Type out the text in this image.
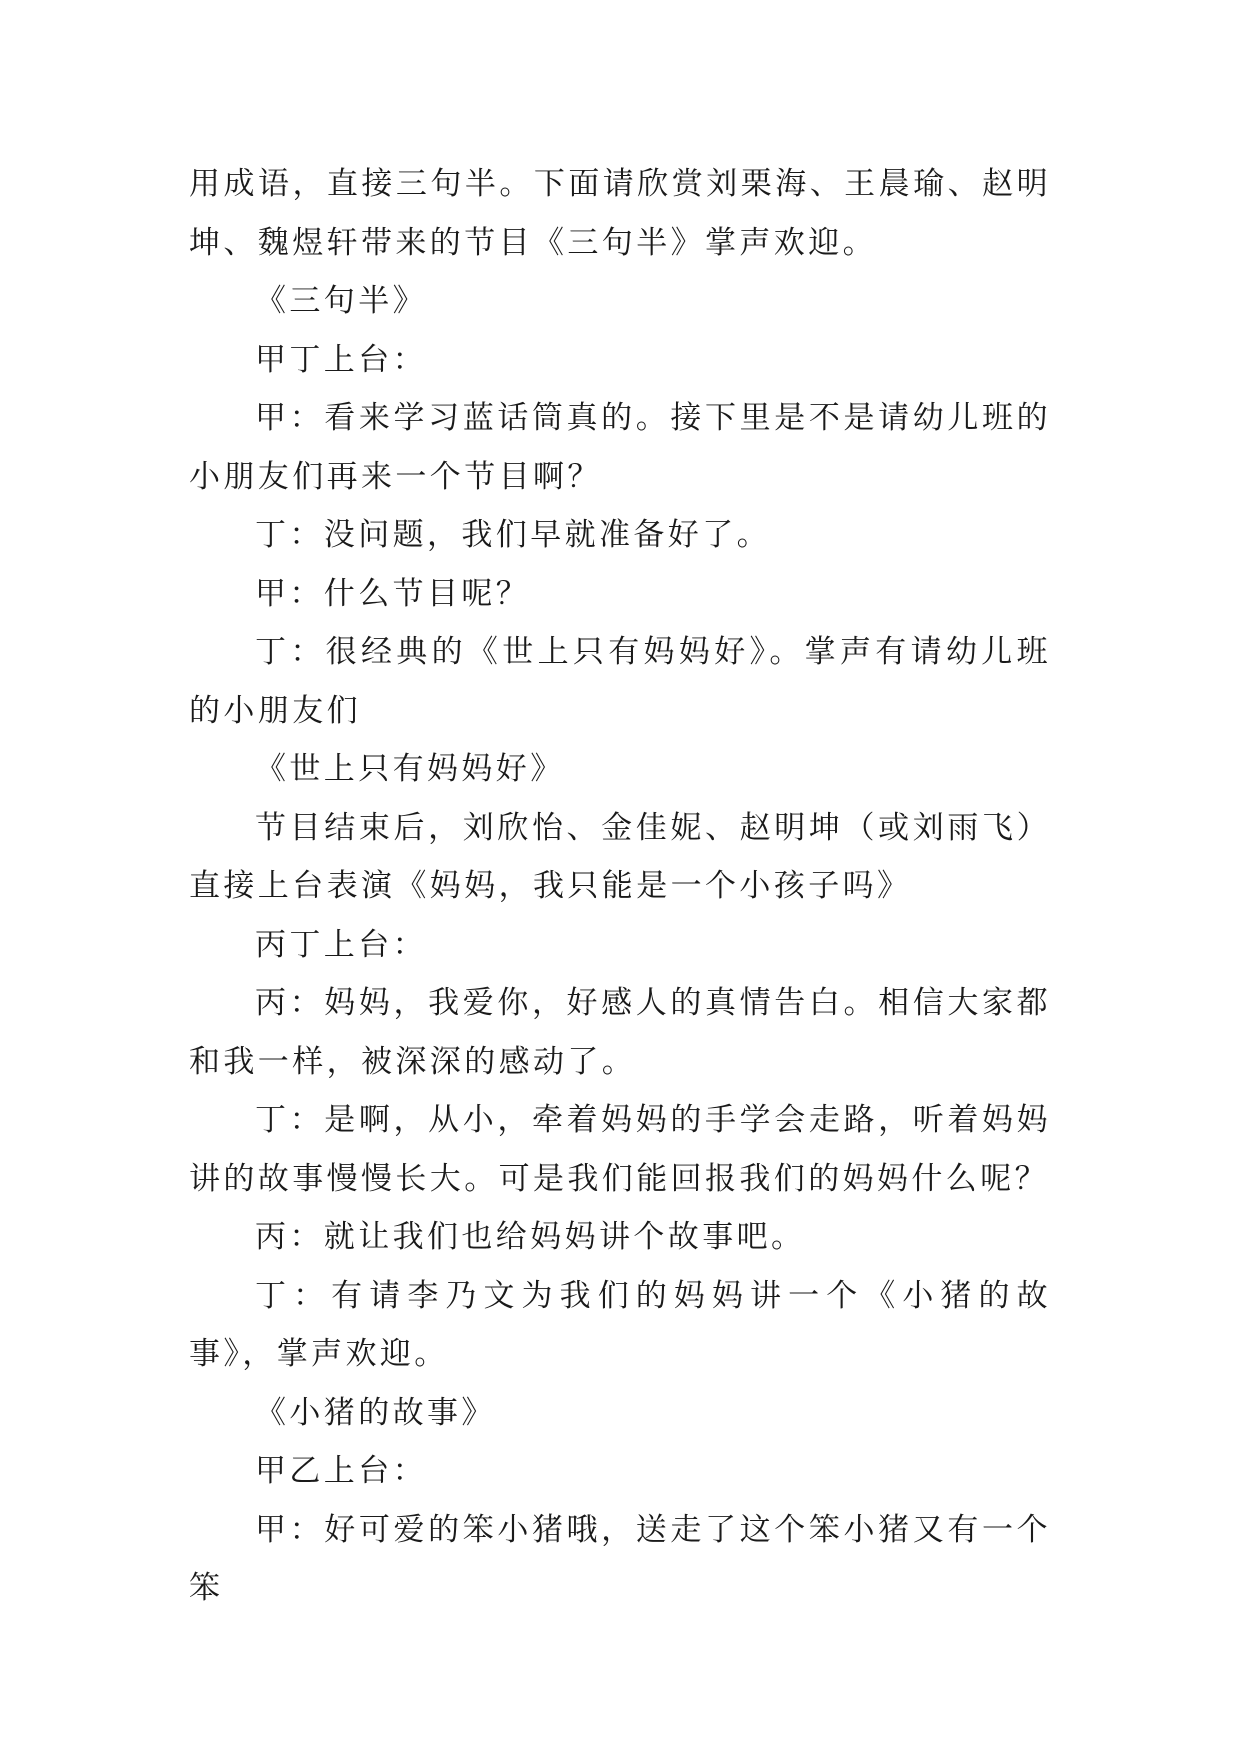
用成语，直接三句半。下面请欣赏刘栗海、王晨瑜、赵明坤、魏煜轩带来的节目《三句半》掌声欢迎。

《三句半》

甲丁上台：

甲：看来学习蓝话筒真的。接下里是不是请幼儿班的小朋友们再来一个节目啊？

丁：没问题，我们早就准备好了。

甲：什么节目呢？

丁：很经典的《世上只有妈妈好》。掌声有请幼儿班的小朋友们

《世上只有妈妈好》

节目结束后，刘欣怡、金佳妮、赵明坤（或刘雨飞）直接上台表演《妈妈，我只能是一个小孩子吗》

丙丁上台：

丙：妈妈，我爱你，好感人的真情告白。相信大家都和我一样，被深深的感动了。

丁：是啊，从小，牵着妈妈的手学会走路，听着妈妈讲的故事慢慢长大。可是我们能回报我们的妈妈什么呢？

丙：就让我们也给妈妈讲个故事吧。

丁：有请李乃文为我们的妈妈讲一个《小猪的故事》，掌声欢迎。

《小猪的故事》

甲乙上台：

甲：好可爱的笨小猪哦，送走了这个笨小猪又有一个笨
